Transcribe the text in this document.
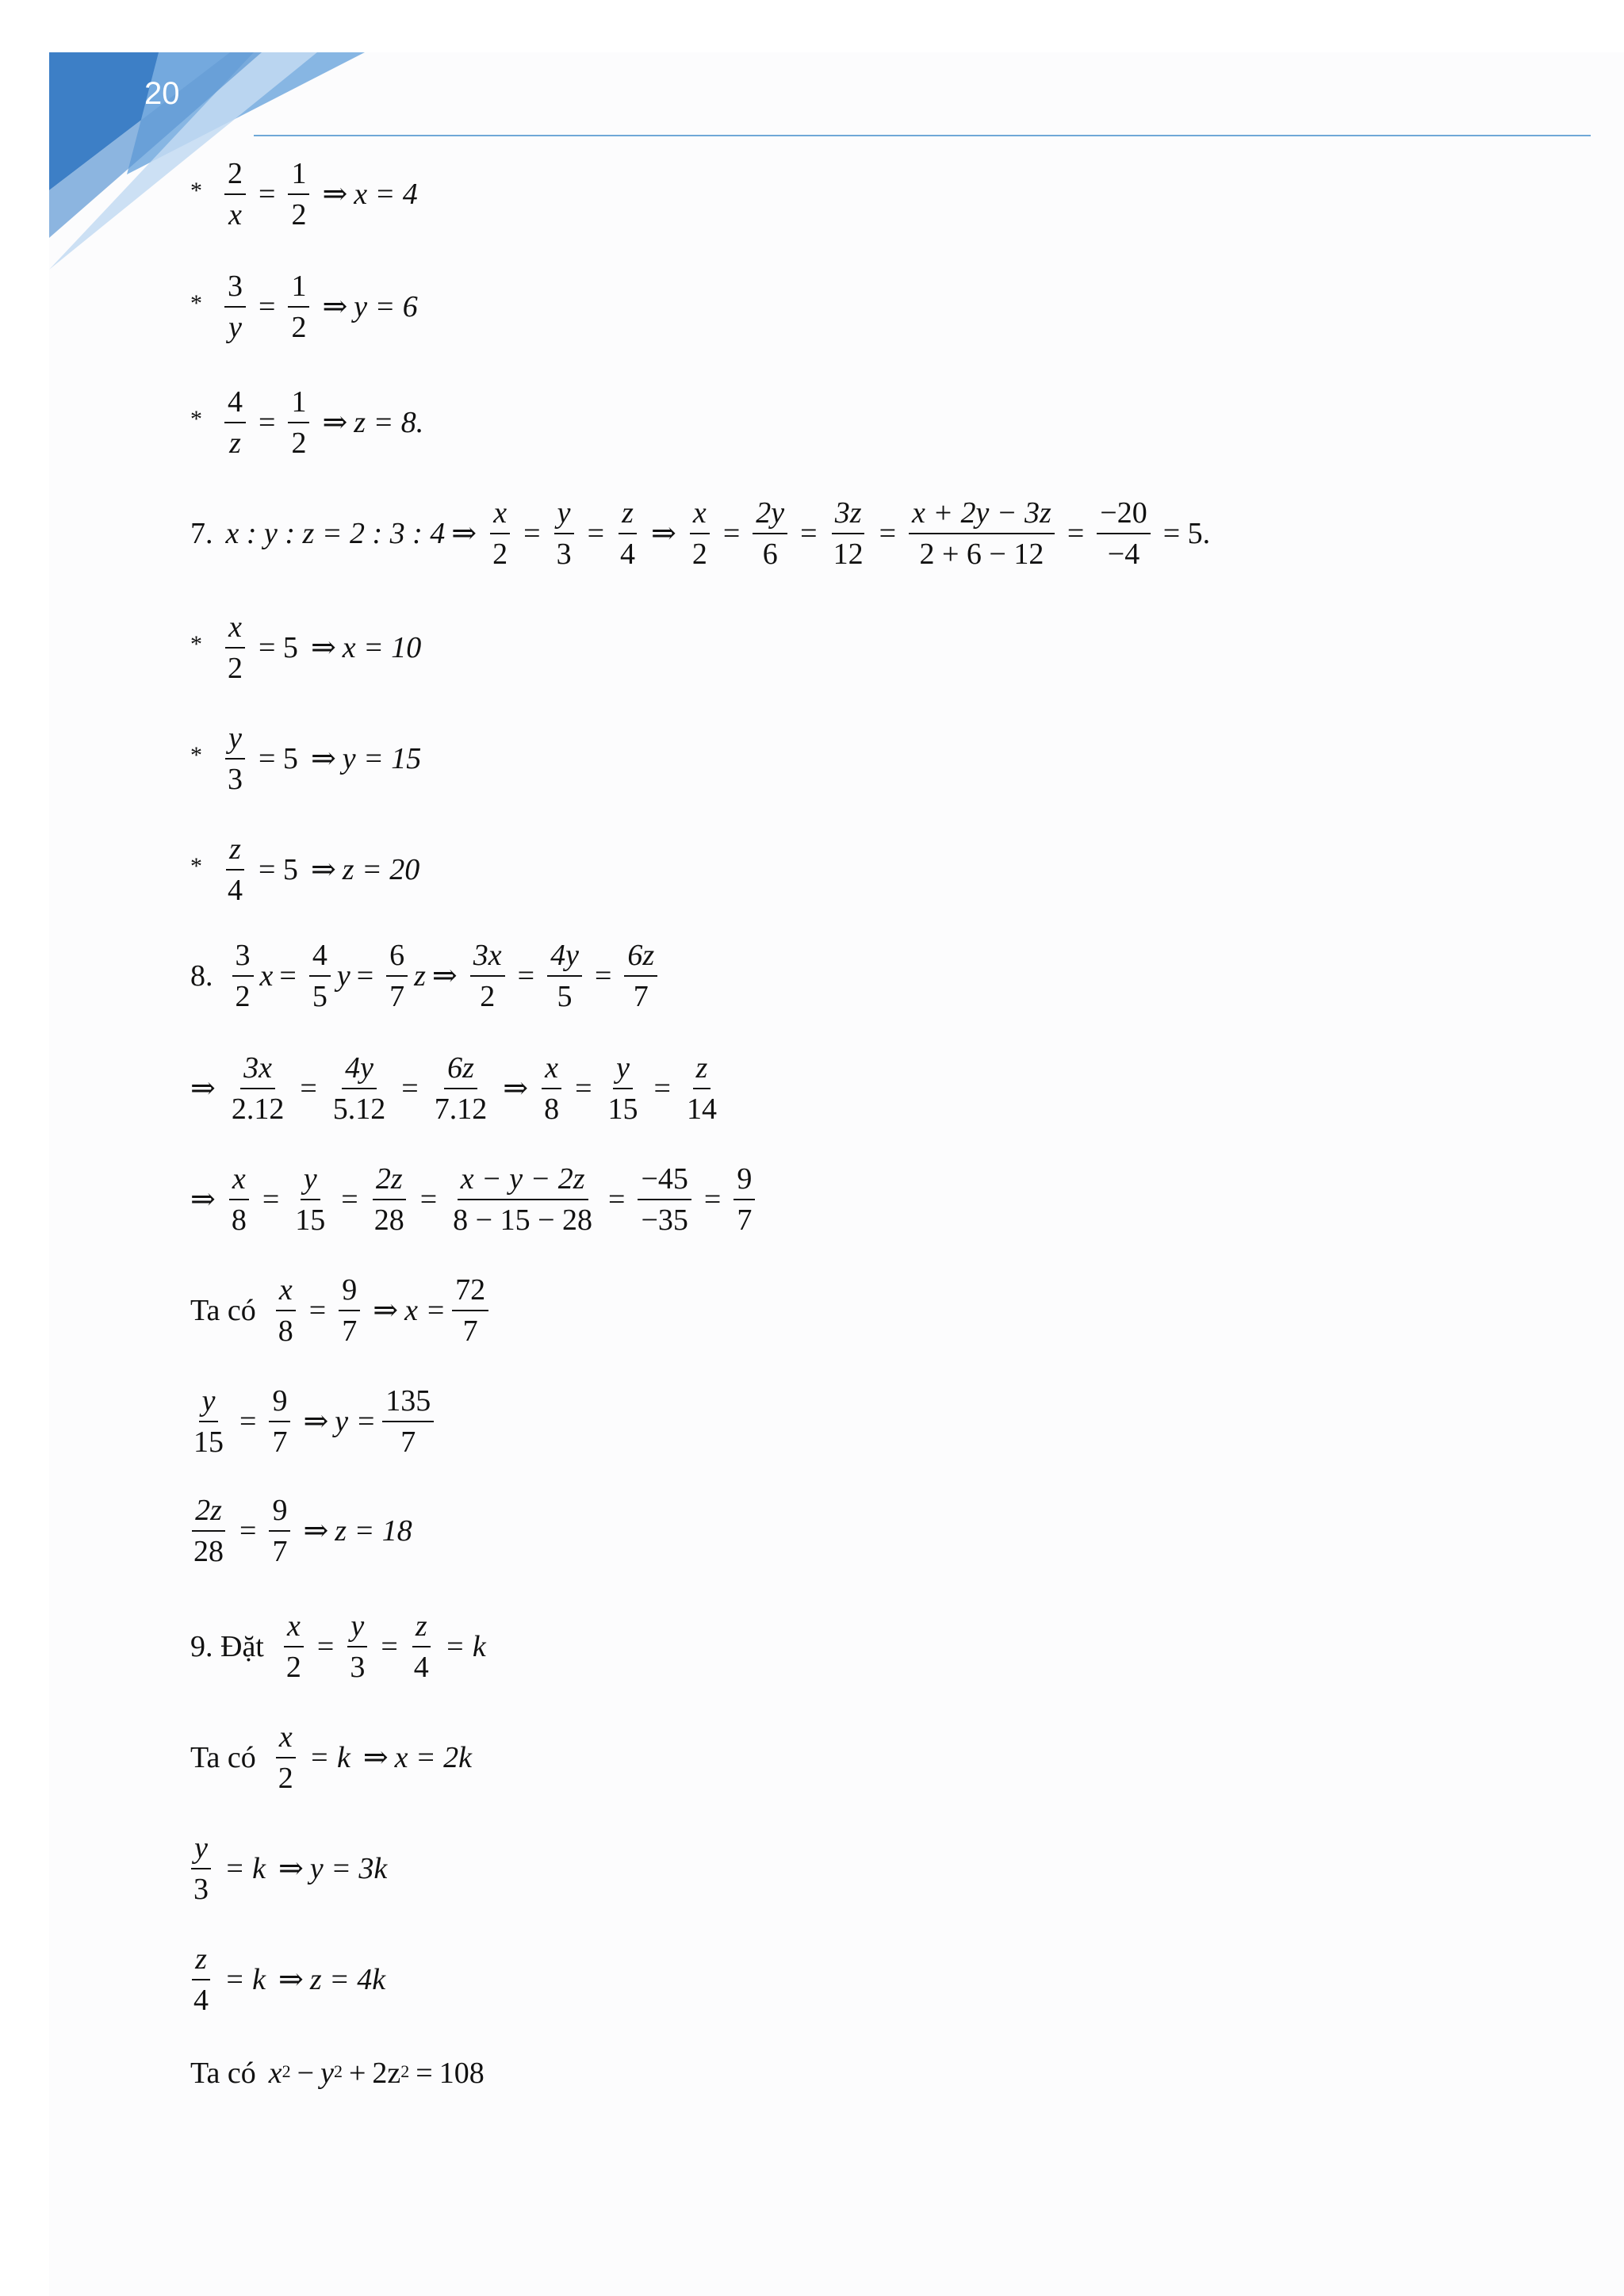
20
* $\frac{2}{x} = \frac{1}{2}$ ⇒ x = 4
* $\frac{3}{y} = \frac{1}{2}$ ⇒ y = 6
* $\frac{4}{z} = \frac{1}{2}$ ⇒ z = 8.
7. x : y : z = 2 : 3 : 4 ⇒ $\frac{x}{2} = \frac{y}{3} = \frac{z}{4}$ ⇒ $\frac{x}{2} = \frac{2y}{6} = \frac{3z}{12} = \frac{x + 2y - 3z}{2 + 6 - 12} = \frac{-20}{-4} = 5$.
* $\frac{x}{2} = 5$ ⇒ x = 10
* $\frac{y}{3} = 5$ ⇒ y = 15
* $\frac{z}{4} = 5$ ⇒ z = 20
8. $\frac{3}{2}$ $x = \frac{4}{5}$ $y = \frac{6}{7}$ z ⇒ $\frac{3x}{2} = \frac{4y}{5} = \frac{6z}{7}$
⇒ $\frac{3x}{2.12} = \frac{4y}{5.12} = \frac{6z}{7.12}$ ⇒ $\frac{x}{8} = \frac{y}{15} = \frac{z}{14}$
⇒ $\frac{x}{8} = \frac{y}{15} = \frac{2z}{28} = \frac{x - y - 2z}{8 - 15 - 28} = \frac{-45}{-35} = \frac{9}{7}$
Ta có $\frac{x}{8} = \frac{9}{7}$ ⇒ $x = \frac{72}{7}$
$\frac{y}{15} = \frac{9}{7}$ ⇒ $y = \frac{135}{7}$
$\frac{2z}{28} = \frac{9}{7}$ ⇒ z = 18
9. Đặt $\frac{x}{2} = \frac{y}{3} = \frac{z}{4} = k$
Ta có $\frac{x}{2} = k$ ⇒ x = 2k
$\frac{y}{3} = k$ ⇒ y = 3k
$\frac{z}{4} = k$ ⇒ z = 4k
Ta có $x^2 - y^2 + 2$ $z^2 = 108$
